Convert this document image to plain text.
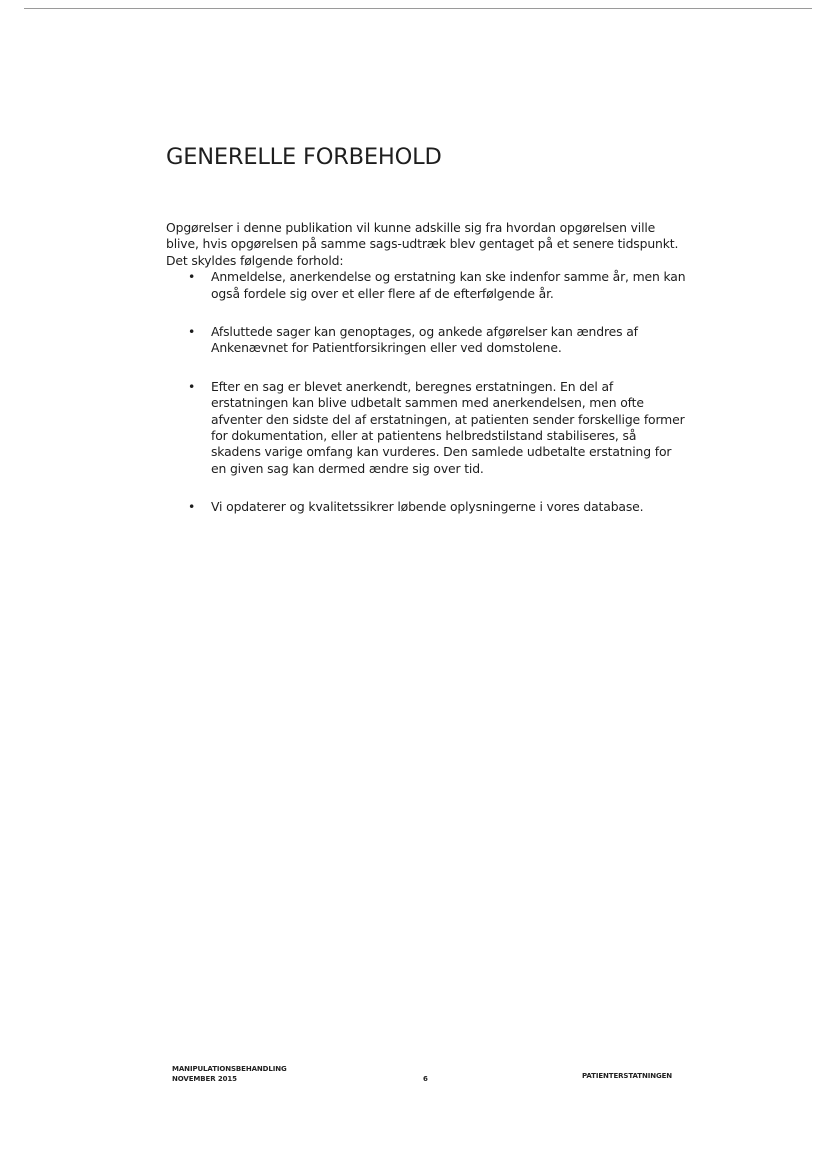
GENERELLE FORBEHOLD

Opgørelser i denne publikation vil kunne adskille sig fra hvordan opgørelsen ville blive, hvis opgørelsen på samme sags-udtræk blev gentaget på et senere tidspunkt. Det skyldes følgende forhold:

• Anmeldelse, anerkendelse og erstatning kan ske indenfor samme år, men kan også fordele sig over et eller flere af de efterfølgende år.
• Afsluttede sager kan genoptages, og ankede afgørelser kan ændres af Ankenævnet for Patientforsikringen eller ved domstolene.
• Efter en sag er blevet anerkendt, beregnes erstatningen. En del af erstatningen kan blive udbetalt sammen med anerkendelsen, men ofte afventer den sidste del af erstatningen, at patienten sender forskellige former for dokumentation, eller at patientens helbredstilstand stabiliseres, så skadens varige omfang kan vurderes. Den samlede udbetalte erstatning for en given sag kan dermed ændre sig over tid.
• Vi opdaterer og kvalitetssikrer løbende oplysningerne i vores database.
MANIPULATIONSBEHANDLING
NOVEMBER 2015	6	PATIENTERSTATNINGEN
